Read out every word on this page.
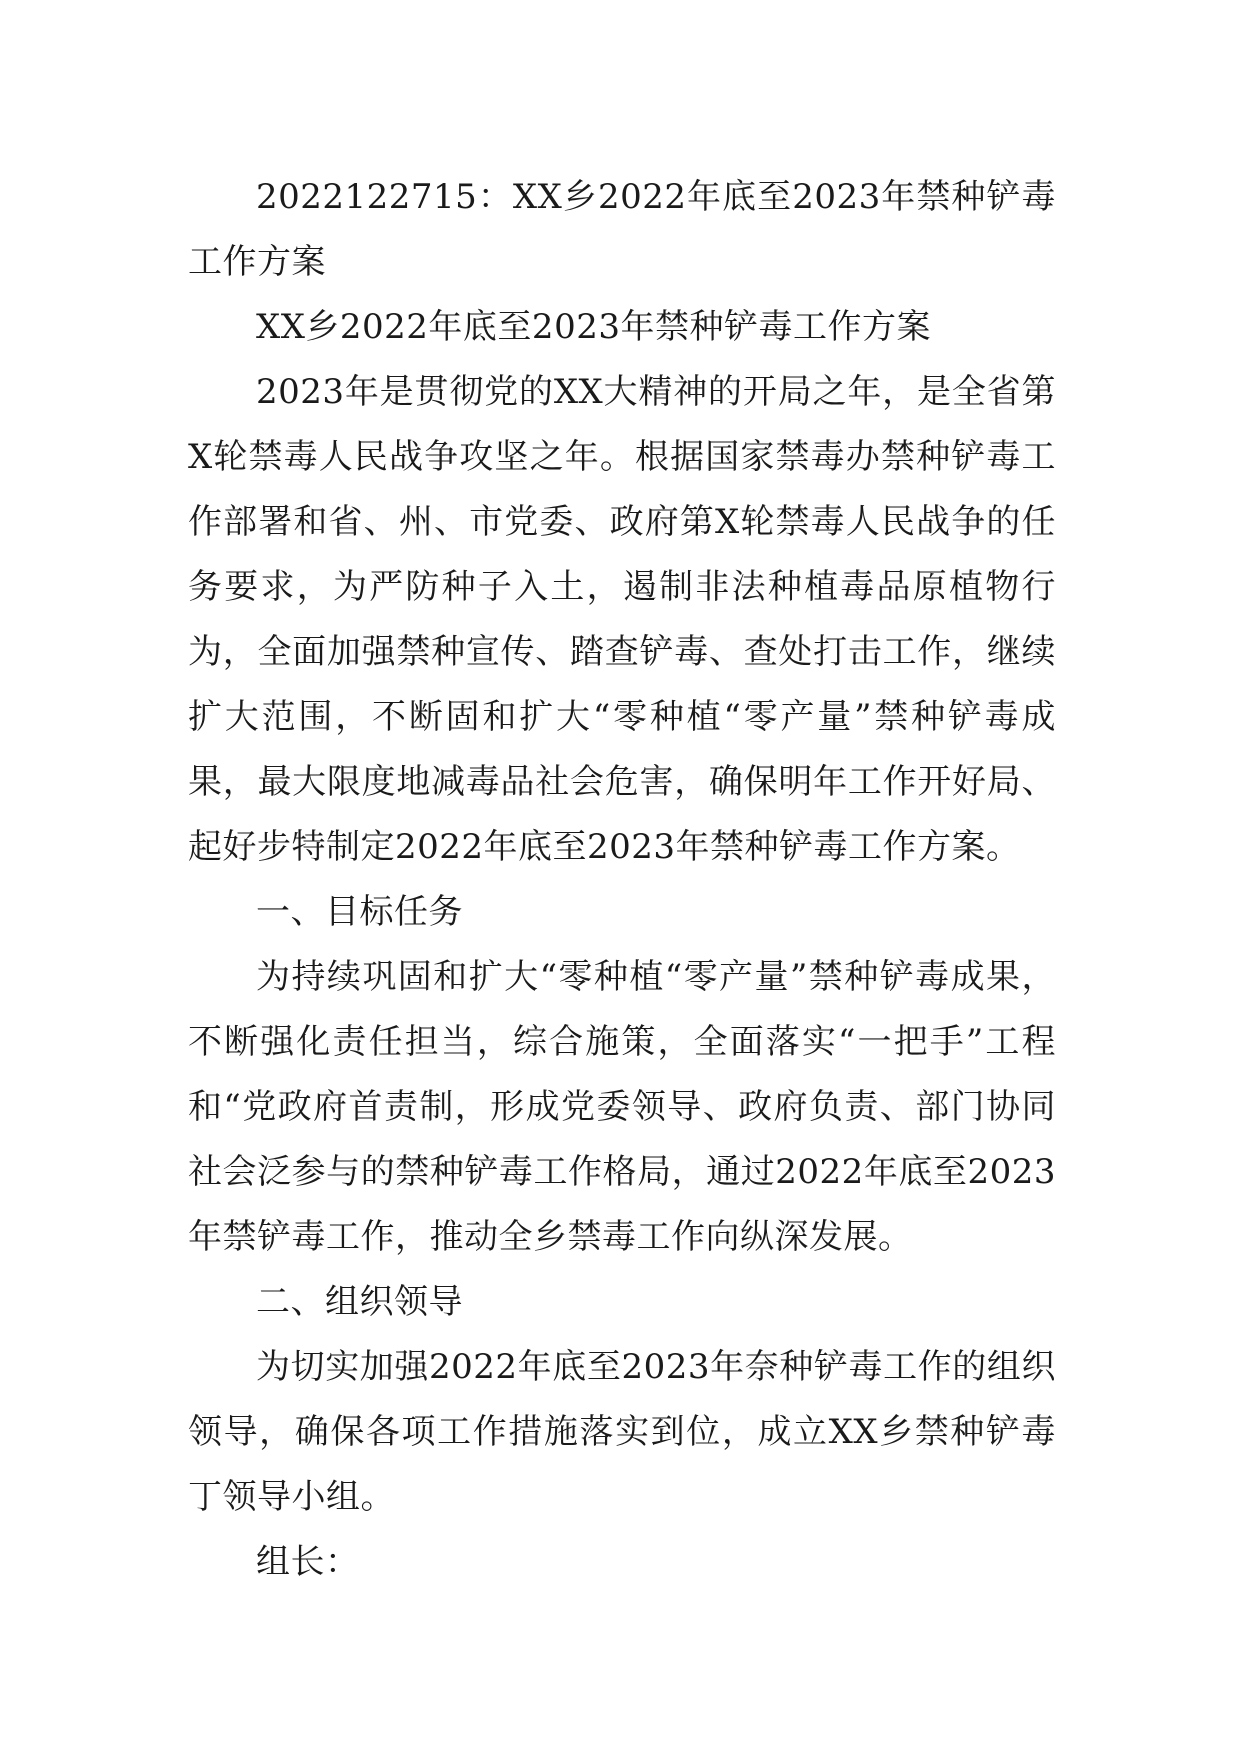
2022122715：XX乡2022年底至2023年禁种铲毒工作方案

XX乡2022年底至2023年禁种铲毒工作方案

2023年是贯彻党的XX大精神的开局之年，是全省第X轮禁毒人民战争攻坚之年。根据国家禁毒办禁种铲毒工作部署和省、州、市党委、政府第X轮禁毒人民战争的任务要求，为严防种子入土，遏制非法种植毒品原植物行为，全面加强禁种宣传、踏查铲毒、查处打击工作，继续扩大范围，不断固和扩大“零种植“零产量”禁种铲毒成果，最大限度地减毒品社会危害，确保明年工作开好局、起好步特制定2022年底至2023年禁种铲毒工作方案。

一、目标任务

为持续巩固和扩大“零种植“零产量”禁种铲毒成果，不断强化责任担当，综合施策，全面落实“一把手”工程和“党政府首责制，形成党委领导、政府负责、部门协同社会泛参与的禁种铲毒工作格局，通过2022年底至2023年禁铲毒工作，推动全乡禁毒工作向纵深发展。

二、组织领导

为切实加强2022年底至2023年奈种铲毒工作的组织领导，确保各项工作措施落实到位，成立XX乡禁种铲毒丁领导小组。

组长：
